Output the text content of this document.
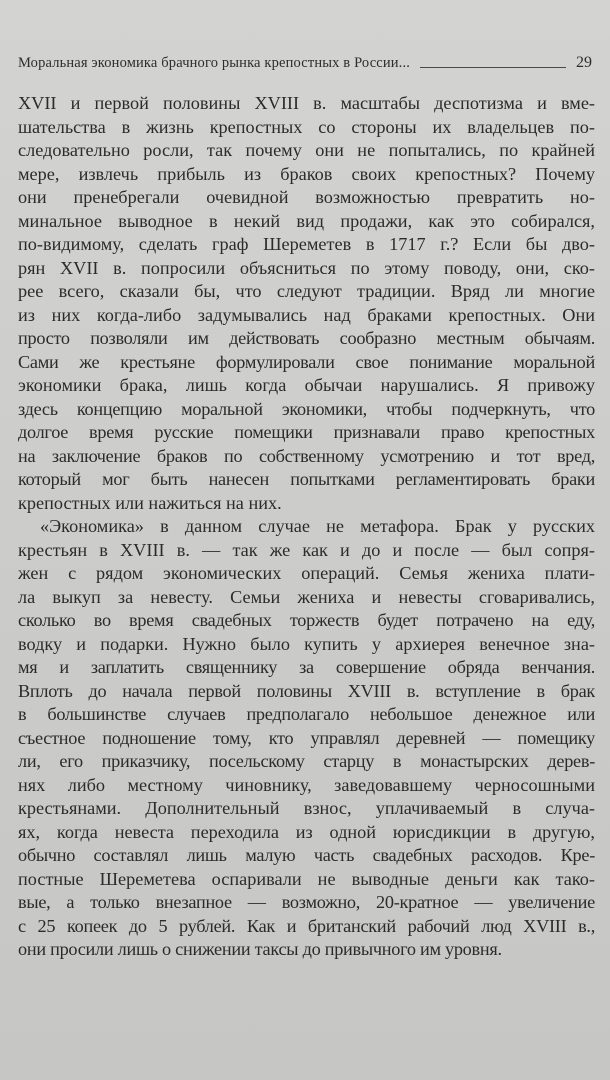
Моральная экономика брачного рынка крепостных в России...	29
XVII и первой половины XVIII в. масштабы деспотизма и вме-
шательства в жизнь крепостных со стороны их владельцев по-
следовательно росли, так почему они не попытались, по крайней
мере, извлечь прибыль из браков своих крепостных? Почему
они пренебрегали очевидной возможностью превратить но-
минальное выводное в некий вид продажи, как это собирался,
по-видимому, сделать граф Шереметев в 1717 г.? Если бы дво-
рян XVII в. попросили объясниться по этому поводу, они, ско-
рее всего, сказали бы, что следуют традиции. Вряд ли многие
из них когда-либо задумывались над браками крепостных. Они
просто позволяли им действовать сообразно местным обычаям.
Сами же крестьяне формулировали свое понимание моральной
экономики брака, лишь когда обычаи нарушались. Я привожу
здесь концепцию моральной экономики, чтобы подчеркнуть, что
долгое время русские помещики признавали право крепостных
на заключение браков по собственному усмотрению и тот вред,
который мог быть нанесен попытками регламентировать браки
крепостных или нажиться на них.
«Экономика» в данном случае не метафора. Брак у русских
крестьян в XVIII в. — так же как и до и после — был сопря-
жен с рядом экономических операций. Семья жениха плати-
ла выкуп за невесту. Семьи жениха и невесты сговаривались,
сколько во время свадебных торжеств будет потрачено на еду,
водку и подарки. Нужно было купить у архиерея венечное зна-
мя и заплатить священнику за совершение обряда венчания.
Вплоть до начала первой половины XVIII в. вступление в брак
в большинстве случаев предполагало небольшое денежное или
съестное подношение тому, кто управлял деревней — помещику
ли, его приказчику, посельскому старцу в монастырских дерев-
нях либо местному чиновнику, заведовавшему черносошными
крестьянами. Дополнительный взнос, уплачиваемый в случа-
ях, когда невеста переходила из одной юрисдикции в другую,
обычно составлял лишь малую часть свадебных расходов. Кре-
постные Шереметева оспаривали не выводные деньги как тако-
вые, а только внезапное — возможно, 20-кратное — увеличение
с 25 копеек до 5 рублей. Как и британский рабочий люд XVIII в.,
они просили лишь о снижении таксы до привычного им уровня.
